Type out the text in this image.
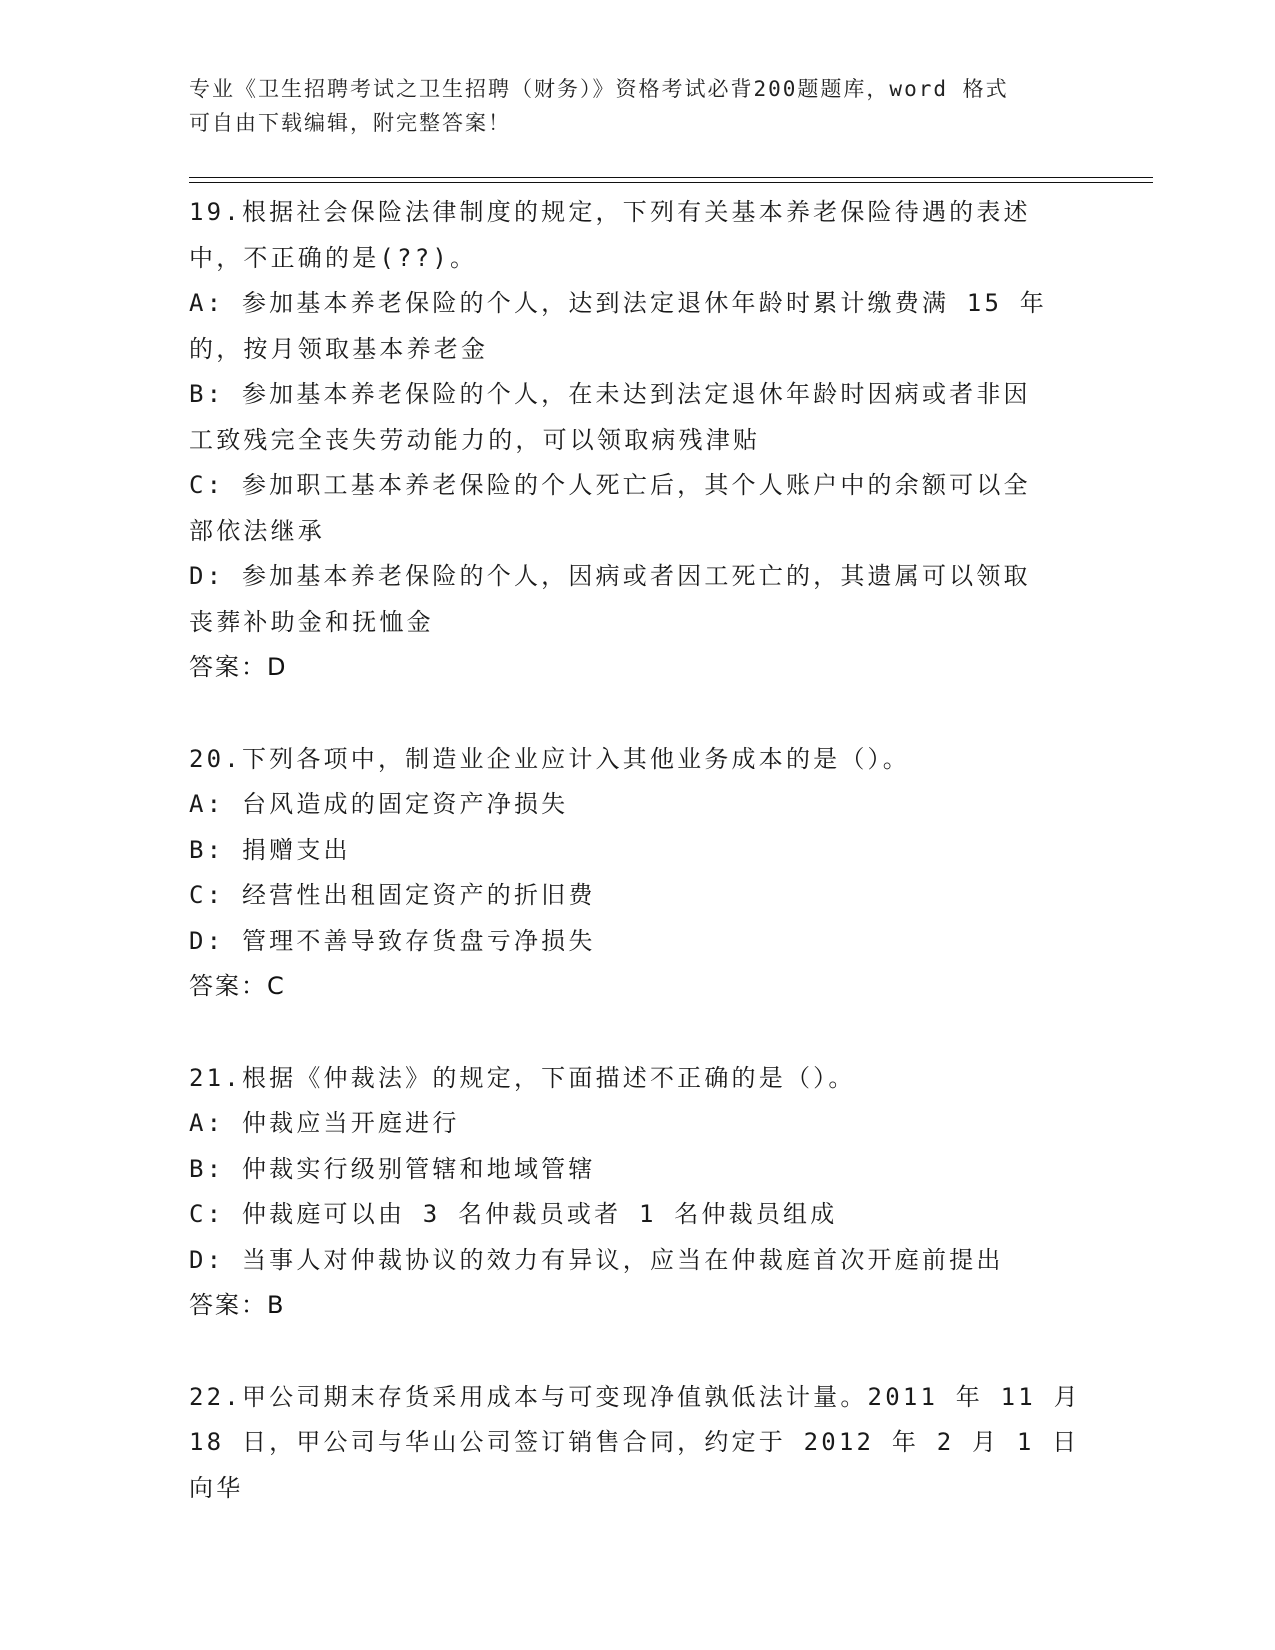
专业《卫生招聘考试之卫生招聘（财务）》资格考试必背200题题库，word 格式
可自由下载编辑，附完整答案！
19.根据社会保险法律制度的规定，下列有关基本养老保险待遇的表述
中，不正确的是(??)。
A: 参加基本养老保险的个人，达到法定退休年龄时累计缴费满 15 年
的，按月领取基本养老金
B: 参加基本养老保险的个人，在未达到法定退休年龄时因病或者非因
工致残完全丧失劳动能力的，可以领取病残津贴
C: 参加职工基本养老保险的个人死亡后，其个人账户中的余额可以全
部依法继承
D: 参加基本养老保险的个人，因病或者因工死亡的，其遗属可以领取
丧葬补助金和抚恤金
答案：D
20.下列各项中，制造业企业应计入其他业务成本的是（）。
A: 台风造成的固定资产净损失
B: 捐赠支出
C: 经营性出租固定资产的折旧费
D: 管理不善导致存货盘亏净损失
答案：C
21.根据《仲裁法》的规定，下面描述不正确的是（）。
A: 仲裁应当开庭进行
B: 仲裁实行级别管辖和地域管辖
C: 仲裁庭可以由 3 名仲裁员或者 1 名仲裁员组成
D: 当事人对仲裁协议的效力有异议，应当在仲裁庭首次开庭前提出
答案：B
22.甲公司期末存货采用成本与可变现净值孰低法计量。2011 年 11 月
18 日，甲公司与华山公司签订销售合同，约定于 2012 年 2 月 1 日向华
